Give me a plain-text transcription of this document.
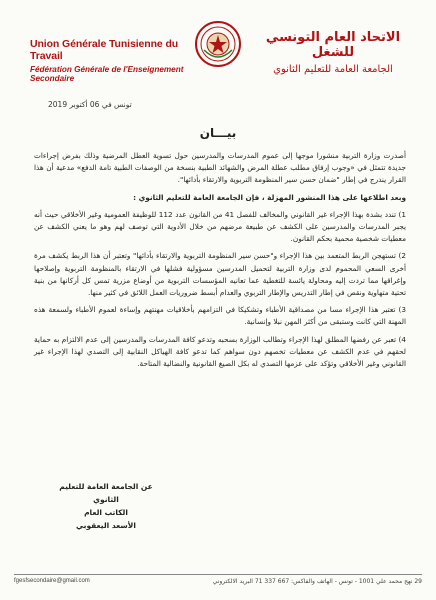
Union Générale Tunisienne du Travail
Fédération Générale de l'Enseignement Secondaire
الاتحاد العام التونسي للشغل
الجامعة العامة للتعليم الثانوي
تونس في 06 أكتوبر 2019
بيـــان

أصدرت وزارة التربية منشورا موجها إلى عموم المدرسات والمدرسين حول تسوية العطل المرضية وذلك بفرض إجراءات جديدة تتمثل في «وجوب إرفاق مطلب عطلة المرض والشهائد الطبية بنسخة من الوصفات الطبية تامة الدفع» مدعية أن هذا القرار يندرج في إطار "ضمان حسن سير المنظومة التربوية والارتقاء بأدائها".

وبعد اطلاعها على هذا المنشور المهزلة ، فإن الجامعة العامة للتعليم الثانوي :

1) تندد بشدة بهذا الإجراء غير القانوني والمخالف للفصل 41 من القانون عدد 112 للوظيفة العمومية وغير الأخلاقي حيث أنه يجبر المدرسات والمدرسين على الكشف عن طبيعة مرضهم من خلال الأدوية التي توصف لهم وهو ما يعني الكشف عن معطيات شخصية محمية بحكم القانون.

2) تستهجن الربط المتعمد بين هذا الإجراء و"حسن سير المنظومة التربوية والارتقاء بأدائها" وتعتبر أن هذا الربط يكشف مرة أخرى السعي المحموم لدى وزارة التربية لتحميل المدرسين مسؤولية فشلها في الارتقاء بالمنظومة التربوية وإصلاحها وإغراقها مما تردت إليه ومحاولة يائسة للتغطية عما تعانيه المؤسسات التربوية من أوضاع مزرية تمس كل أركانها من بنية تحتية متهاوية ونقص في إطار التدريس والإطار التربوي والعدام أبسط ضروريات العمل اللائق في كثير منها.

3) تعتبر هذا الإجراء مسا من مصداقية الأطباء وتشكيكا في التزامهم بأخلاقيات مهنتهم وإساءة لعموم الأطباء ولسمعة هذه المهنة التي كانت وستبقى من أكثر المهن نبلا وإنسانية.

4) تعبر عن رفضها المطلق لهذا الإجراء وتطالب الوزارة بسحبه وتدعو كافة المدرسات والمدرسين إلى عدم الالتزام به حماية لحقهم في عدم الكشف عن معطيات تخصهم دون سواهم كما تدعو كافة الهياكل النقابية إلى التصدي لهذا الإجراء غير القانوني وغير الأخلاقي وتؤكد على عزمها التصدي له بكل الصيغ القانونية والنضالية المتاحة.

عن الجامعة العامة للتعليم الثانوي
الكاتب العام
الأسعد اليعقوبي
fgesfsecondaire@gmail.com	29 نهج محمد علي 1001 - تونس - الهاتف والفاكس: 667 337 71 البريد الالكتروني
